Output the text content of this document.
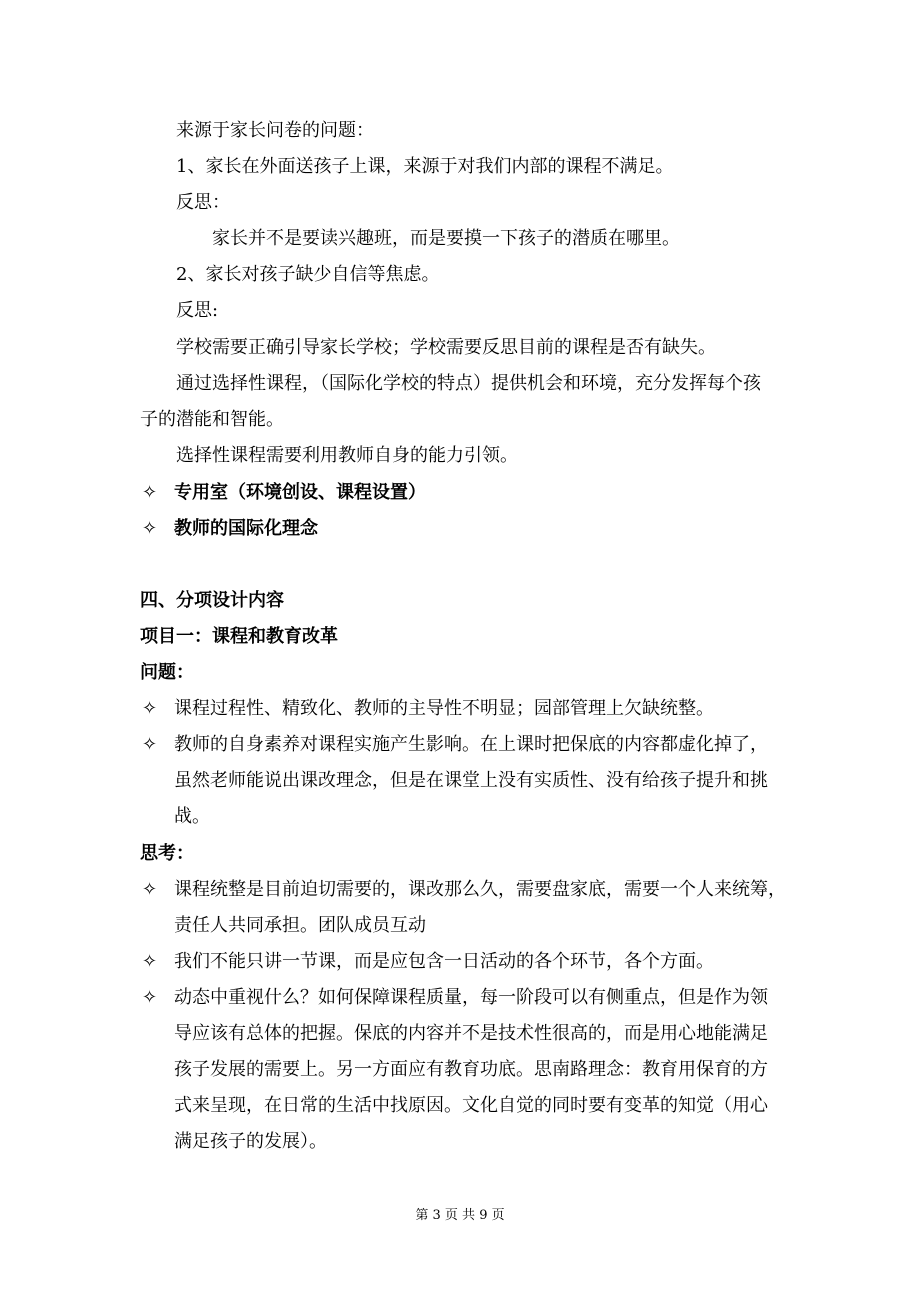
来源于家长问卷的问题：
1、家长在外面送孩子上课，来源于对我们内部的课程不满足。
反思：
家长并不是要读兴趣班，而是要摸一下孩子的潜质在哪里。
2、家长对孩子缺少自信等焦虑。
反思:
学校需要正确引导家长学校；学校需要反思目前的课程是否有缺失。
通过选择性课程，（国际化学校的特点）提供机会和环境，充分发挥每个孩
子的潜能和智能。
选择性课程需要利用教师自身的能力引领。
✧ 专用室（环境创设、课程设置）
✧ 教师的国际化理念
四、分项设计内容
项目一：课程和教育改革
问题：
✧ 课程过程性、精致化、教师的主导性不明显；园部管理上欠缺统整。
✧ 教师的自身素养对课程实施产生影响。在上课时把保底的内容都虚化掉了，
虽然老师能说出课改理念，但是在课堂上没有实质性、没有给孩子提升和挑
战。
思考：
✧ 课程统整是目前迫切需要的，课改那么久，需要盘家底，需要一个人来统筹，
责任人共同承担。团队成员互动
✧ 我们不能只讲一节课，而是应包含一日活动的各个环节，各个方面。
✧ 动态中重视什么？如何保障课程质量，每一阶段可以有侧重点，但是作为领
导应该有总体的把握。保底的内容并不是技术性很高的，而是用心地能满足
孩子发展的需要上。另一方面应有教育功底。思南路理念：教育用保育的方
式来呈现，在日常的生活中找原因。文化自觉的同时要有变革的知觉（用心
满足孩子的发展）。
第 3 页 共 9 页
